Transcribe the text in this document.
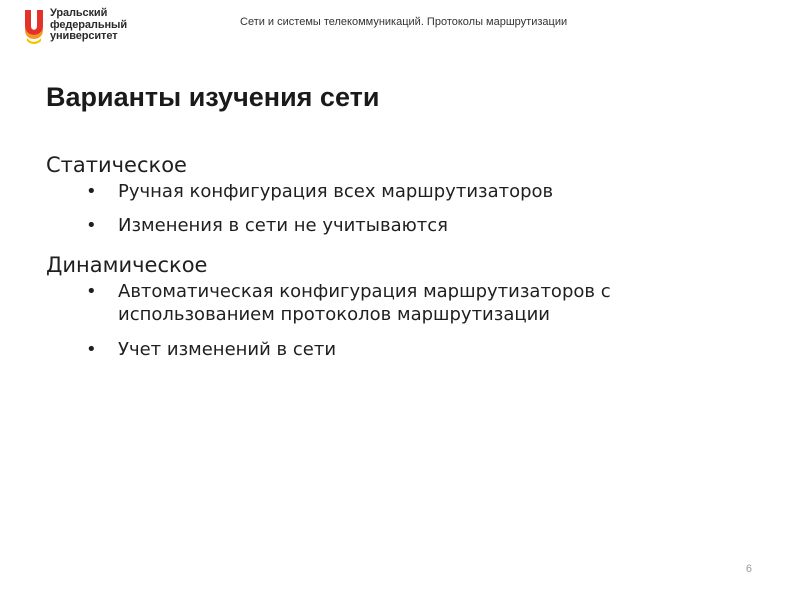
Уральский
федеральный
университет
Сети и системы телекоммуникаций. Протоколы маршрутизации
Варианты изучения сети
Статическое
• Ручная конфигурация всех маршрутизаторов
• Изменения в сети не учитываются
Динамическое
• Автоматическая конфигурация маршрутизаторов с использованием протоколов маршрутизации
• Учет изменений в сети
6
